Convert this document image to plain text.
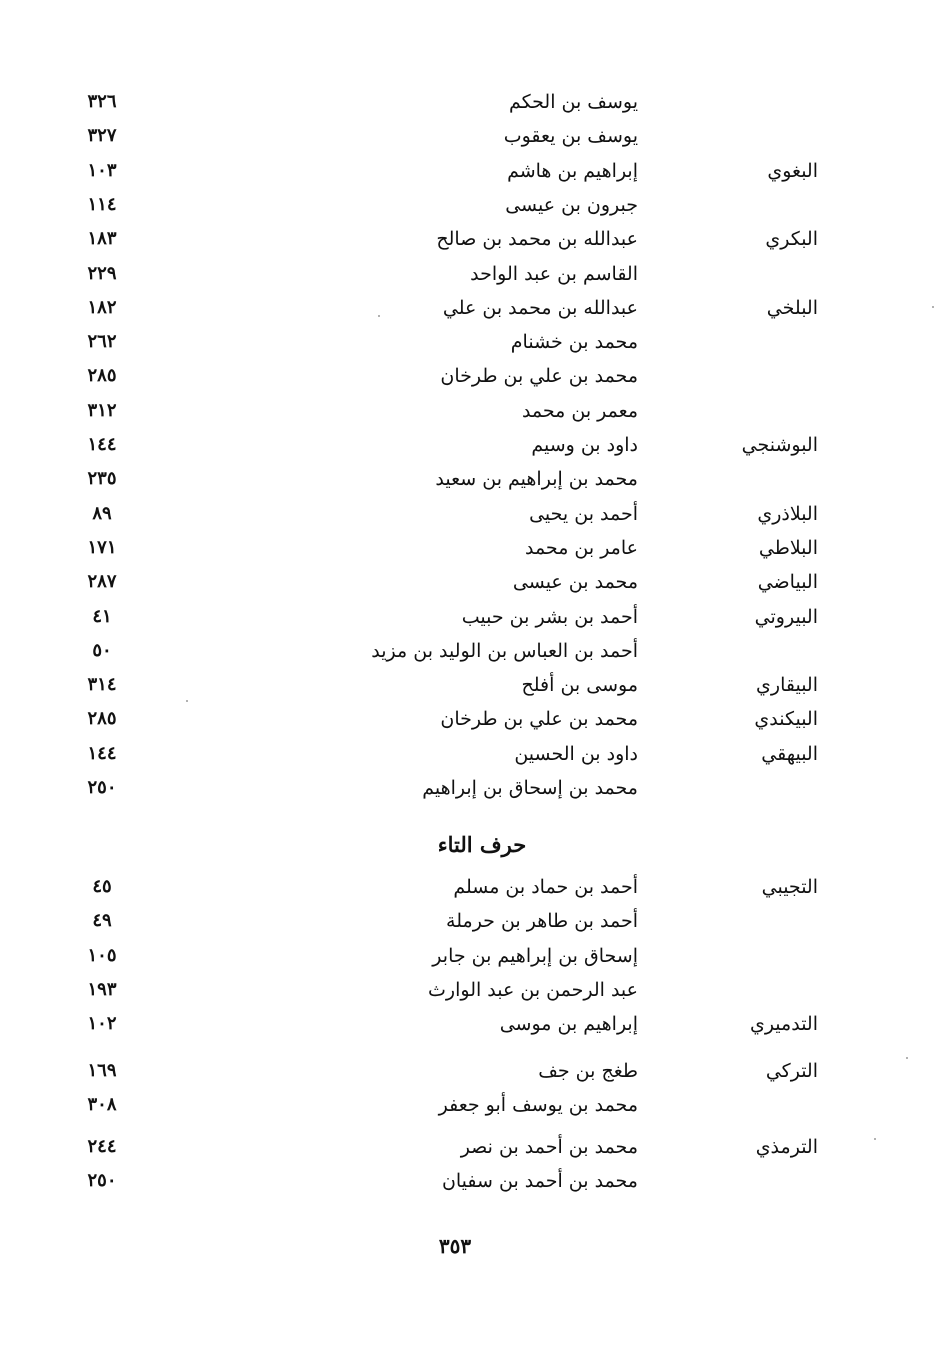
يوسف بن الحكم
٣٢٦
يوسف بن يعقوب
٣٢٧
البغوي
إبراهيم بن هاشم
١٠٣
جبرون بن عيسى
١١٤
البكري
عبدالله بن محمد بن صالح
١٨٣
القاسم بن عبد الواحد
٢٢٩
البلخي
عبدالله بن محمد بن علي
١٨٢
محمد بن خشنام
٢٦٢
محمد بن علي بن طرخان
٢٨٥
معمر بن محمد
٣١٢
البوشنجي
داود بن وسيم
١٤٤
محمد بن إبراهيم بن سعيد
٢٣٥
البلاذري
أحمد بن يحيى
٨٩
البلاطي
عامر بن محمد
١٧١
البياضي
محمد بن عيسى
٢٨٧
البيروتي
أحمد بن بشر بن حبيب
٤١
أحمد بن العباس بن الوليد بن مزيد
٥٠
البيقاري
موسى بن أفلح
٣١٤
البيكندي
محمد بن علي بن طرخان
٢٨٥
البيهقي
داود بن الحسين
١٤٤
محمد بن إسحاق بن إبراهيم
٢٥٠
حرف التاء
التجيبي
أحمد بن حماد بن مسلم
٤٥
أحمد بن طاهر بن حرملة
٤٩
إسحاق بن إبراهيم بن جابر
١٠٥
عبد الرحمن بن عبد الوارث
١٩٣
التدميري
إبراهيم بن موسى
١٠٢
التركي
طغج بن جف
١٦٩
محمد بن يوسف أبو جعفر
٣٠٨
الترمذي
محمد بن أحمد بن نصر
٢٤٤
محمد بن أحمد بن سفيان
٢٥٠
٣٥٣
